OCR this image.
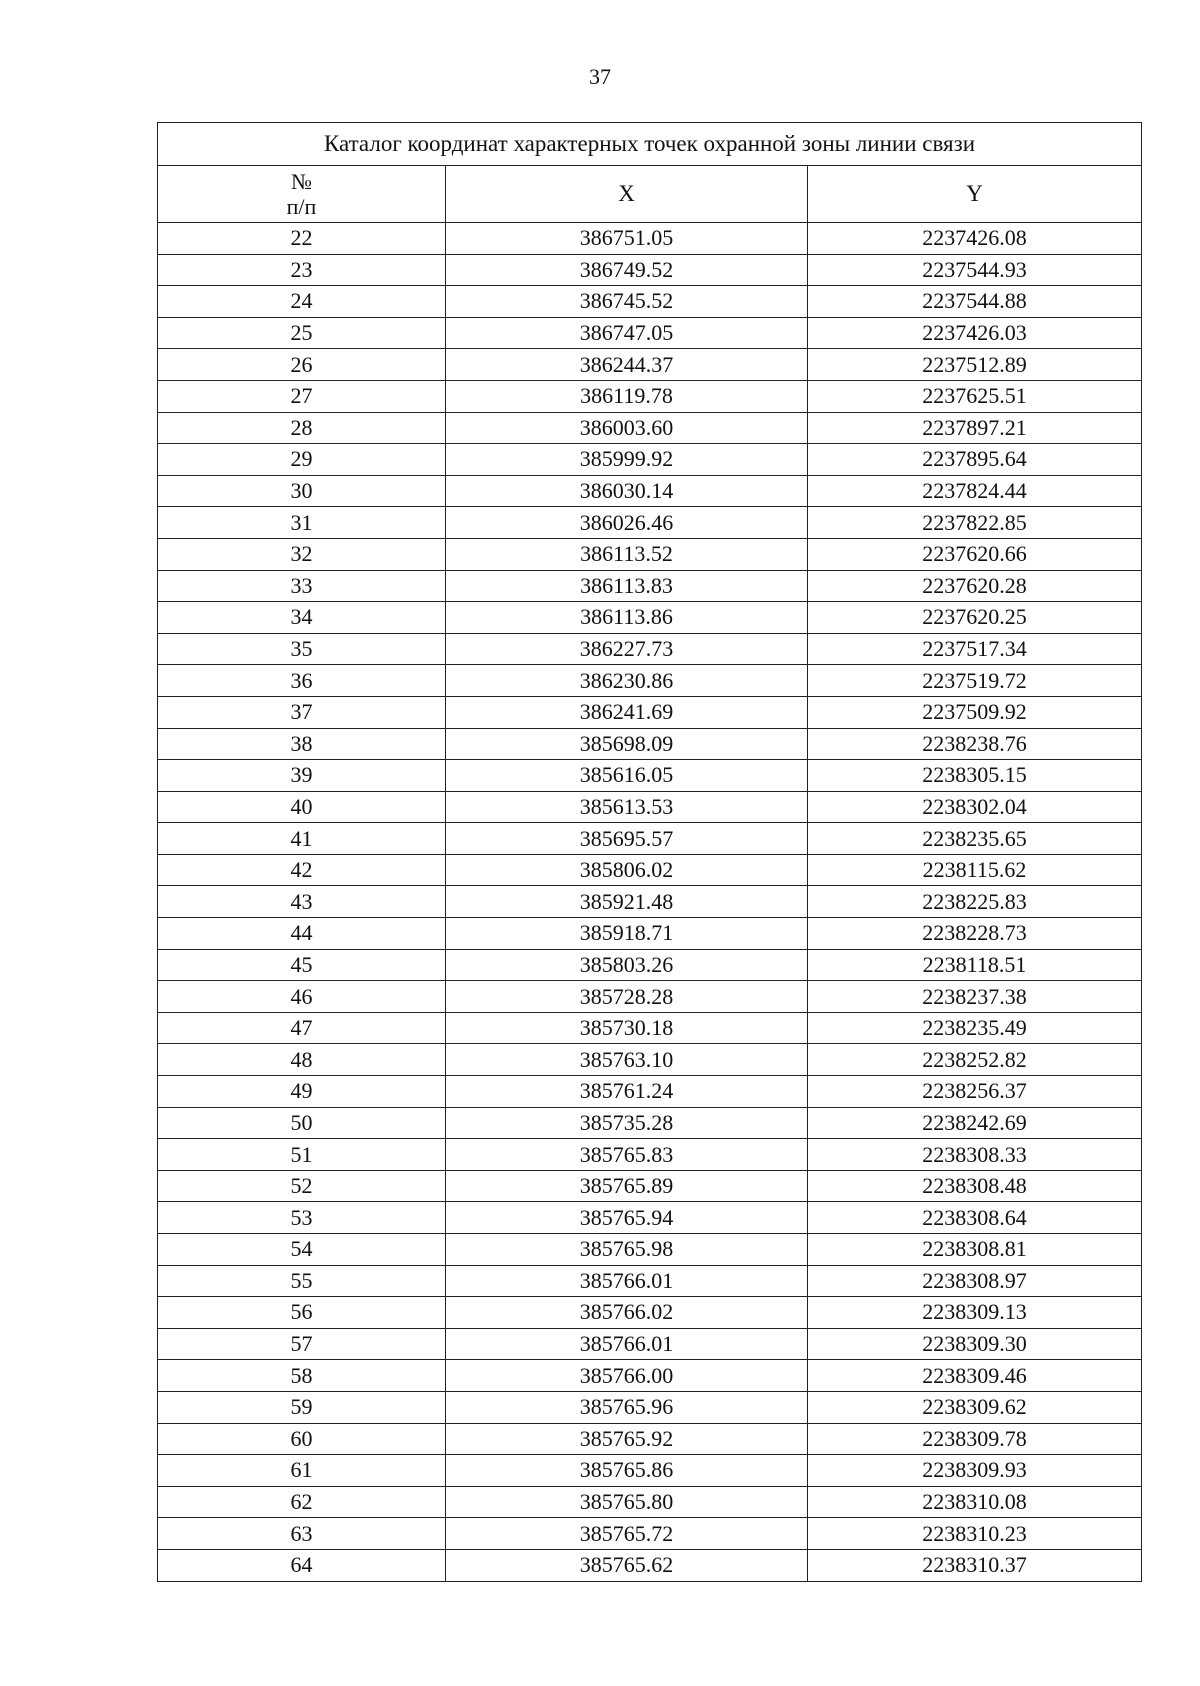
37
Каталог координат характерных точек охранной зоны линии связи		

№
п/п	X	Y
22	386751.05	2237426.08
23	386749.52	2237544.93
24	386745.52	2237544.88
25	386747.05	2237426.03
26	386244.37	2237512.89
27	386119.78	2237625.51
28	386003.60	2237897.21
29	385999.92	2237895.64
30	386030.14	2237824.44
31	386026.46	2237822.85
32	386113.52	2237620.66
33	386113.83	2237620.28
34	386113.86	2237620.25
35	386227.73	2237517.34
36	386230.86	2237519.72
37	386241.69	2237509.92
38	385698.09	2238238.76
39	385616.05	2238305.15
40	385613.53	2238302.04
41	385695.57	2238235.65
42	385806.02	2238115.62
43	385921.48	2238225.83
44	385918.71	2238228.73
45	385803.26	2238118.51
46	385728.28	2238237.38
47	385730.18	2238235.49
48	385763.10	2238252.82
49	385761.24	2238256.37
50	385735.28	2238242.69
51	385765.83	2238308.33
52	385765.89	2238308.48
53	385765.94	2238308.64
54	385765.98	2238308.81
55	385766.01	2238308.97
56	385766.02	2238309.13
57	385766.01	2238309.30
58	385766.00	2238309.46
59	385765.96	2238309.62
60	385765.92	2238309.78
61	385765.86	2238309.93
62	385765.80	2238310.08
63	385765.72	2238310.23
64	385765.62	2238310.37
